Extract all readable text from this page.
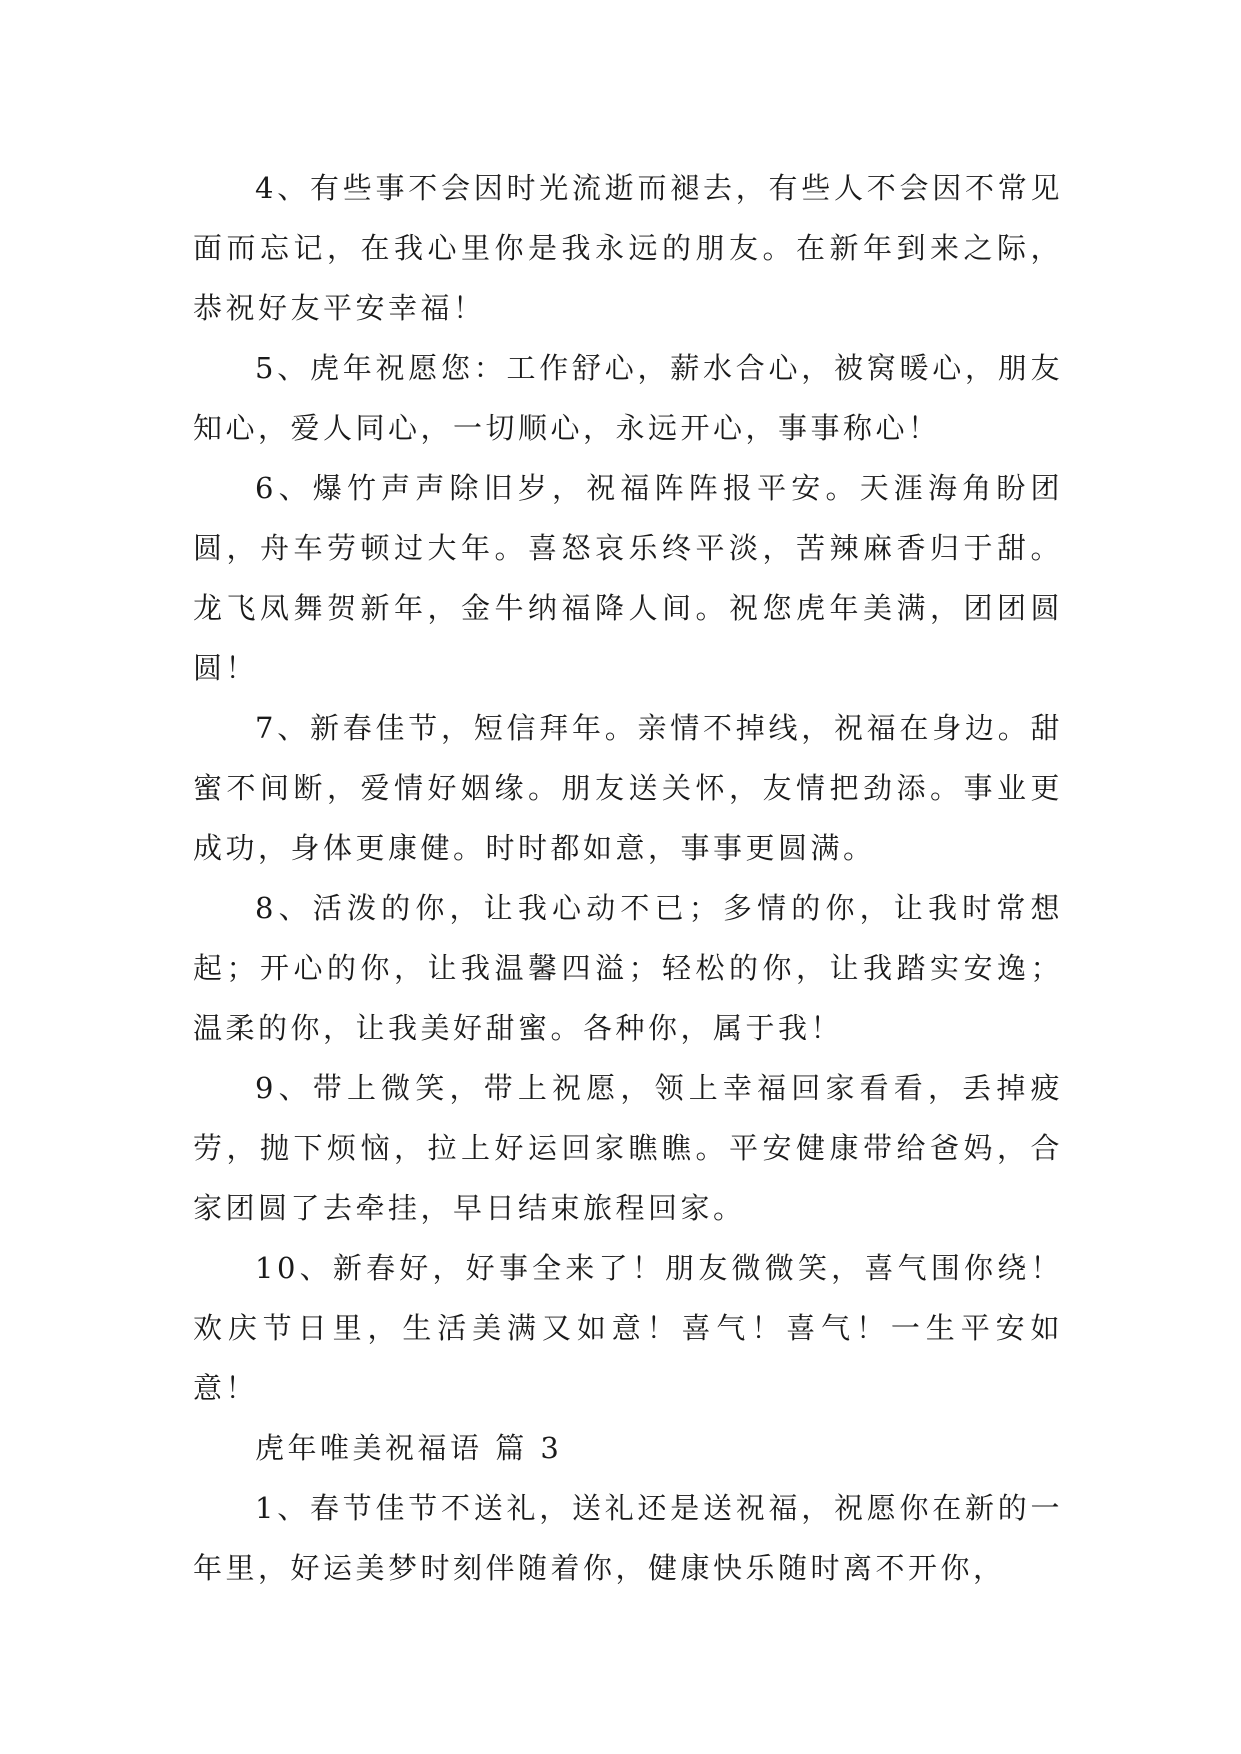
4、有些事不会因时光流逝而褪去，有些人不会因不常见面而忘记，在我心里你是我永远的朋友。在新年到来之际，恭祝好友平安幸福！

5、虎年祝愿您：工作舒心，薪水合心，被窝暖心，朋友知心，爱人同心，一切顺心，永远开心，事事称心！

6、爆竹声声除旧岁，祝福阵阵报平安。天涯海角盼团圆，舟车劳顿过大年。喜怒哀乐终平淡，苦辣麻香归于甜。龙飞凤舞贺新年，金牛纳福降人间。祝您虎年美满，团团圆圆！

7、新春佳节，短信拜年。亲情不掉线，祝福在身边。甜蜜不间断，爱情好姻缘。朋友送关怀，友情把劲添。事业更成功，身体更康健。时时都如意，事事更圆满。

8、活泼的你，让我心动不已；多情的你，让我时常想起；开心的你，让我温馨四溢；轻松的你，让我踏实安逸；温柔的你，让我美好甜蜜。各种你，属于我！

9、带上微笑，带上祝愿，领上幸福回家看看，丢掉疲劳，抛下烦恼，拉上好运回家瞧瞧。平安健康带给爸妈，合家团圆了去牵挂，早日结束旅程回家。

10、新春好，好事全来了！朋友微微笑，喜气围你绕！欢庆节日里，生活美满又如意！喜气！喜气！一生平安如意！

虎年唯美祝福语 篇 3

1、春节佳节不送礼，送礼还是送祝福，祝愿你在新的一年里，好运美梦时刻伴随着你，健康快乐随时离不开你，
